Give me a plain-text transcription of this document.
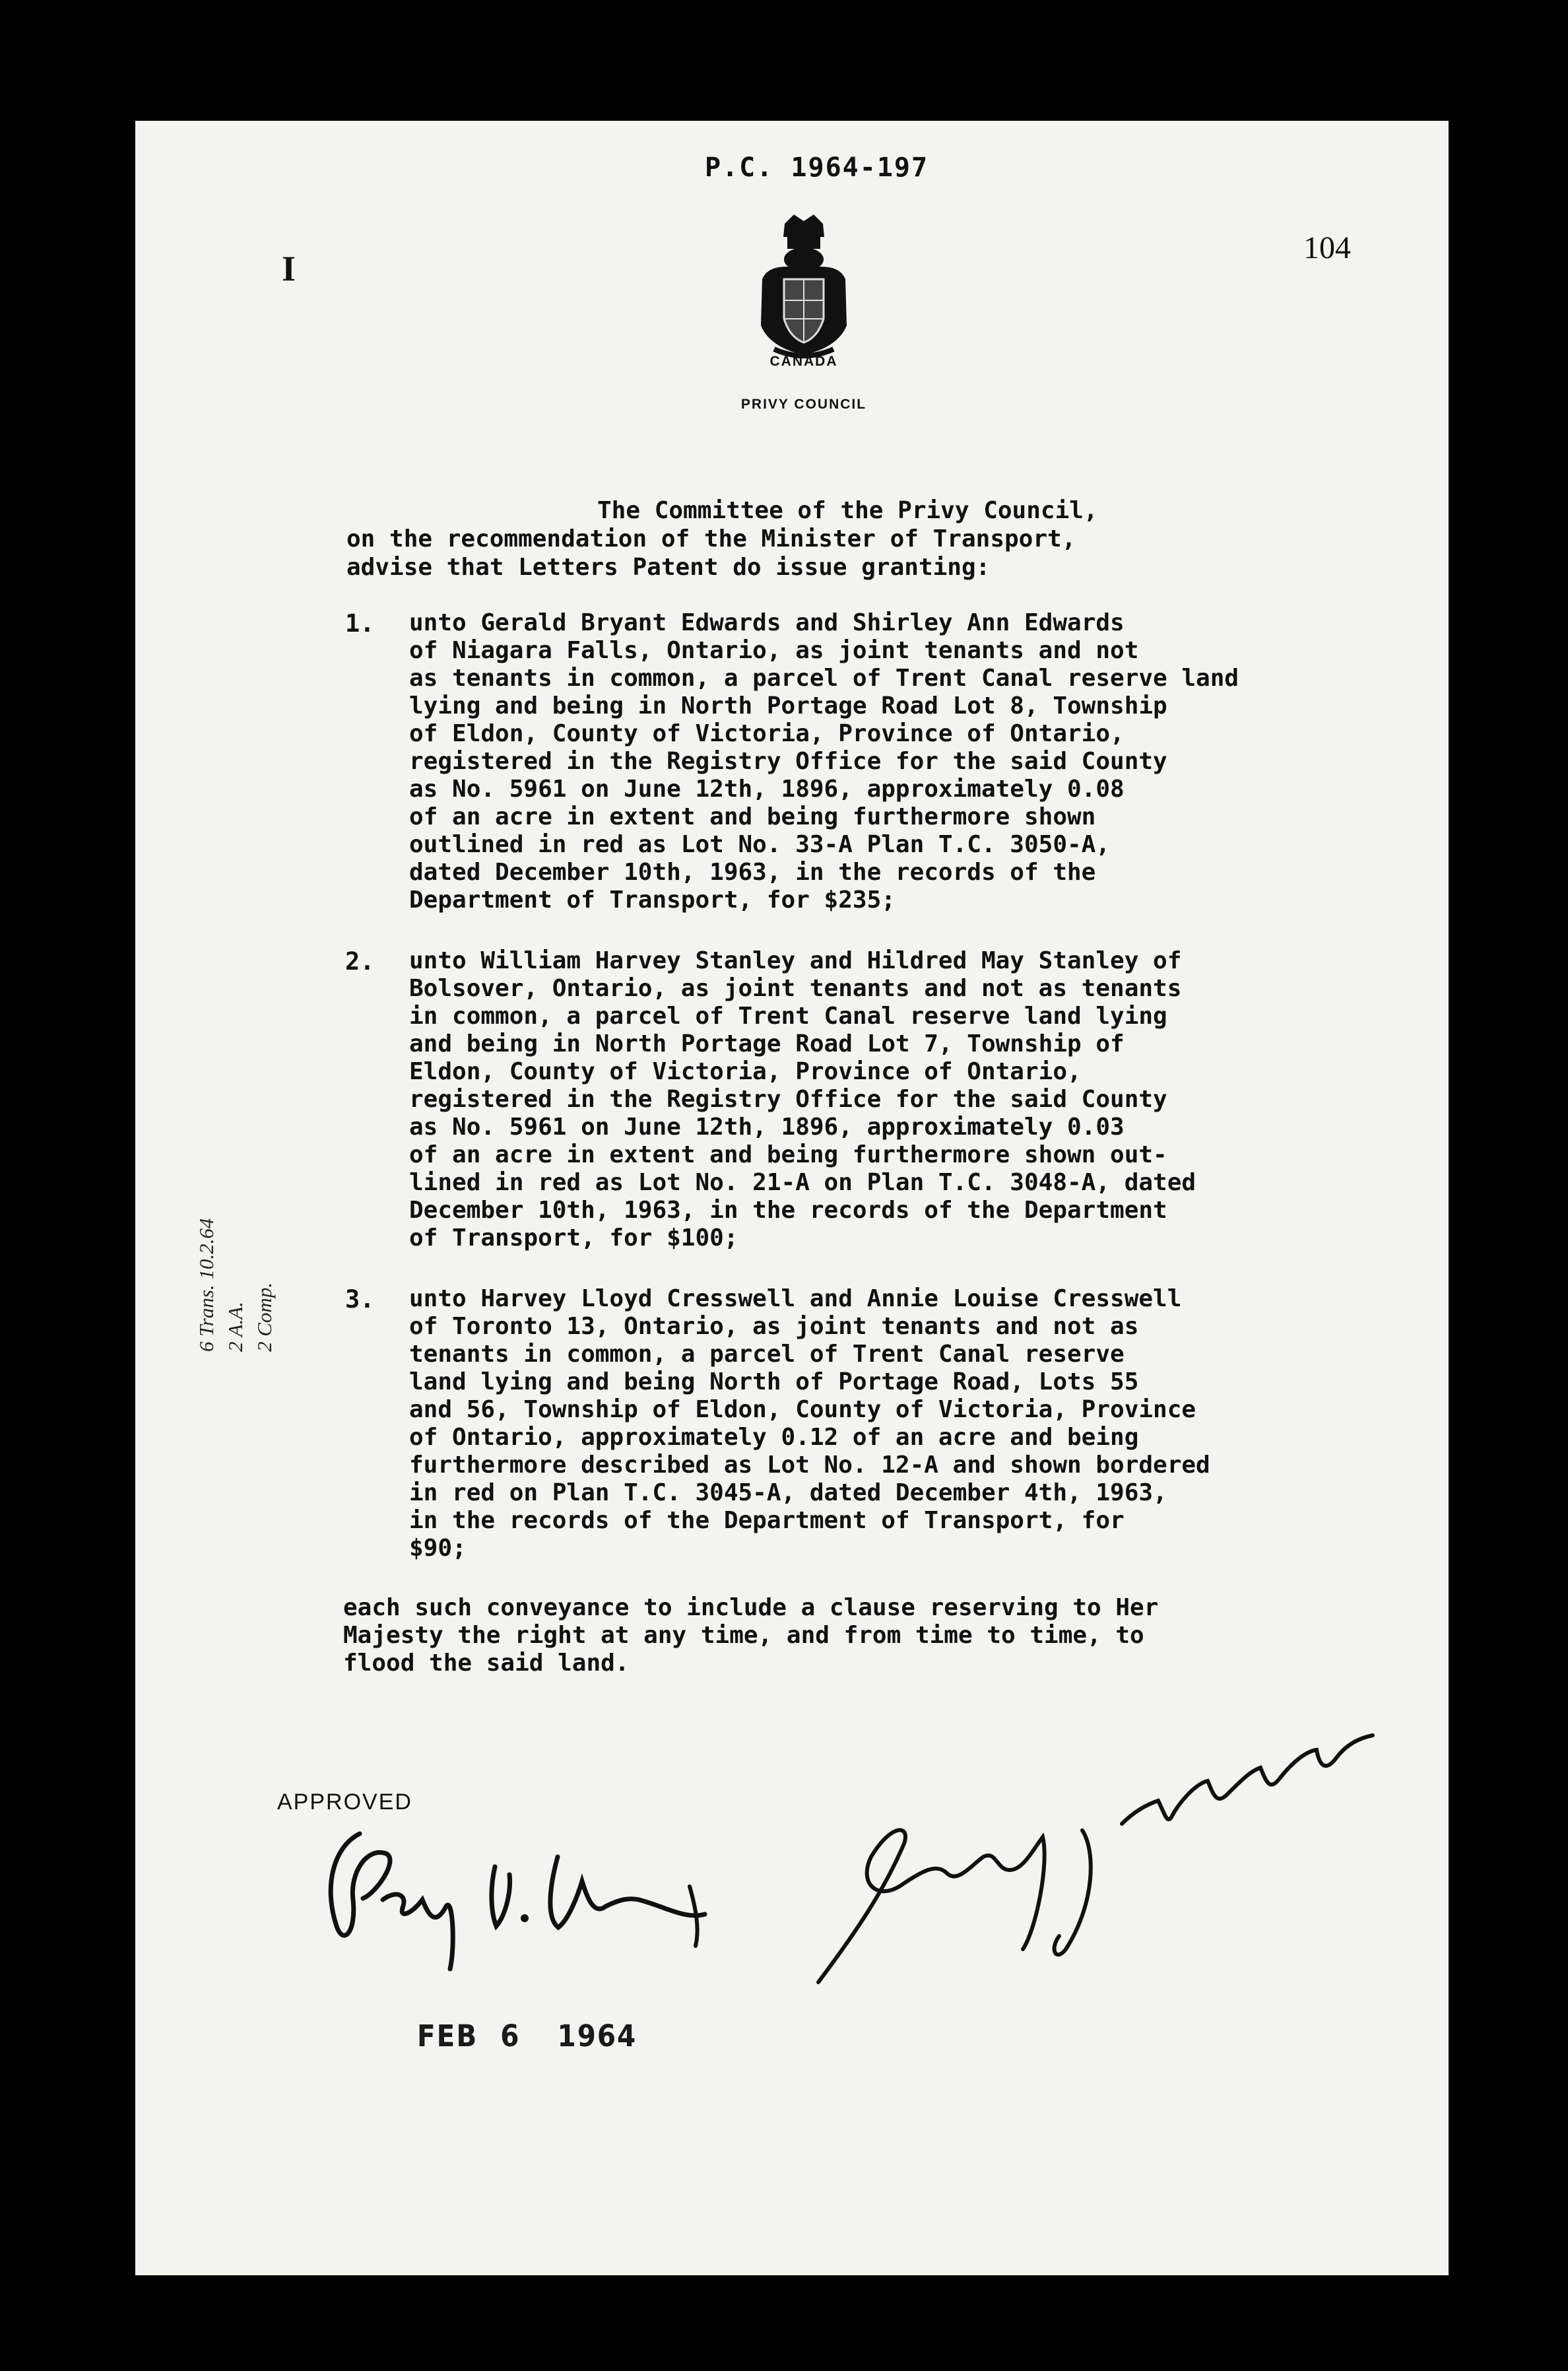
P.C. 1964-197
104
I
CANADA
PRIVY COUNCIL
The Committee of the Privy Council,
on the recommendation of the Minister of Transport,
advise that Letters Patent do issue granting:
1. unto Gerald Bryant Edwards and Shirley Ann Edwards
of Niagara Falls, Ontario, as joint tenants and not
as tenants in common, a parcel of Trent Canal reserve land
lying and being in North Portage Road Lot 8, Township
of Eldon, County of Victoria, Province of Ontario,
registered in the Registry Office for the said County
as No. 5961 on June 12th, 1896, approximately 0.08
of an acre in extent and being furthermore shown
outlined in red as Lot No. 33-A Plan T.C. 3050-A,
dated December 10th, 1963, in the records of the
Department of Transport, for $235;
2. unto William Harvey Stanley and Hildred May Stanley of
Bolsover, Ontario, as joint tenants and not as tenants
in common, a parcel of Trent Canal reserve land lying
and being in North Portage Road Lot 7, Township of
Eldon, County of Victoria, Province of Ontario,
registered in the Registry Office for the said County
as No. 5961 on June 12th, 1896, approximately 0.03
of an acre in extent and being furthermore shown out-
lined in red as Lot No. 21-A on Plan T.C. 3048-A, dated
December 10th, 1963, in the records of the Department
of Transport, for $100;
3. unto Harvey Lloyd Cresswell and Annie Louise Cresswell
of Toronto 13, Ontario, as joint tenants and not as
tenants in common, a parcel of Trent Canal reserve
land lying and being North of Portage Road, Lots 55
and 56, Township of Eldon, County of Victoria, Province
of Ontario, approximately 0.12 of an acre and being
furthermore described as Lot No. 12-A and shown bordered
in red on Plan T.C. 3045-A, dated December 4th, 1963,
in the records of the Department of Transport, for
$90;
each such conveyance to include a clause reserving to Her
Majesty the right at any time, and from time to time, to
flood the said land.
6 Trans. 10.2.64 2 A.A. 2 Comp.
APPROVED
FEB 6 1964
